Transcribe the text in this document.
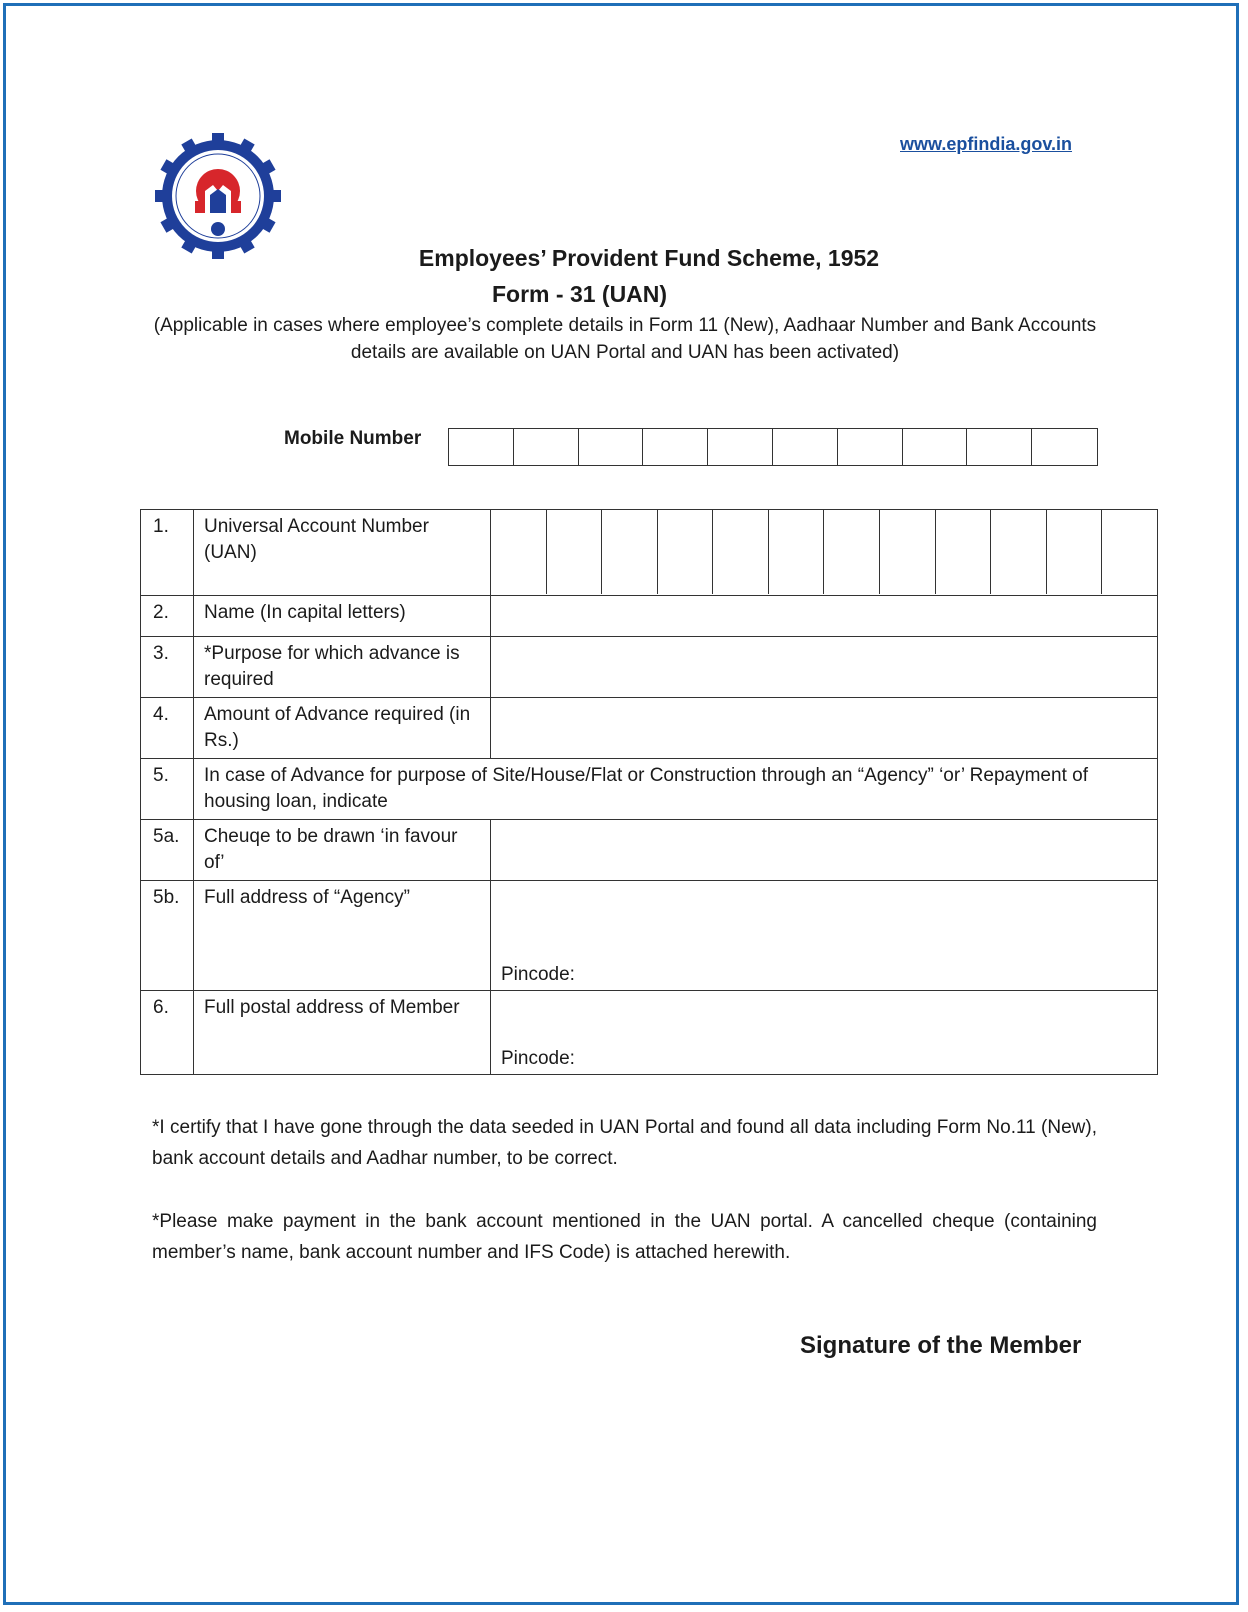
www.epfindia.gov.in
Employees’ Provident Fund Scheme, 1952
Form - 31 (UAN)
(Applicable in cases where employee’s complete details in Form 11 (New), Aadhaar Number and Bank Accounts details are available on UAN Portal and UAN has been activated)
Mobile Number
1.	Universal Account Number (UAN)	

2.	Name (In capital letters)	
3.	*Purpose for which advance is required	
4.	Amount of Advance required (in Rs.)	
5.	In case of Advance for purpose of Site/House/Flat or Construction through an “Agency” ‘or’ Repayment of housing loan, indicate	
5a.	Cheuqe to be drawn ‘in favour of’	
5b.	Full address of “Agency”	Pincode:

6.	Full postal address of Member	Pincode:
*I certify that I have gone through the data seeded in UAN Portal and found all data including Form No.11 (New), bank account details and Aadhar number, to be correct.
*Please make payment in the bank account mentioned in the UAN portal. A cancelled cheque (containing member’s name, bank account number and IFS Code) is attached herewith.
Signature of the Member
